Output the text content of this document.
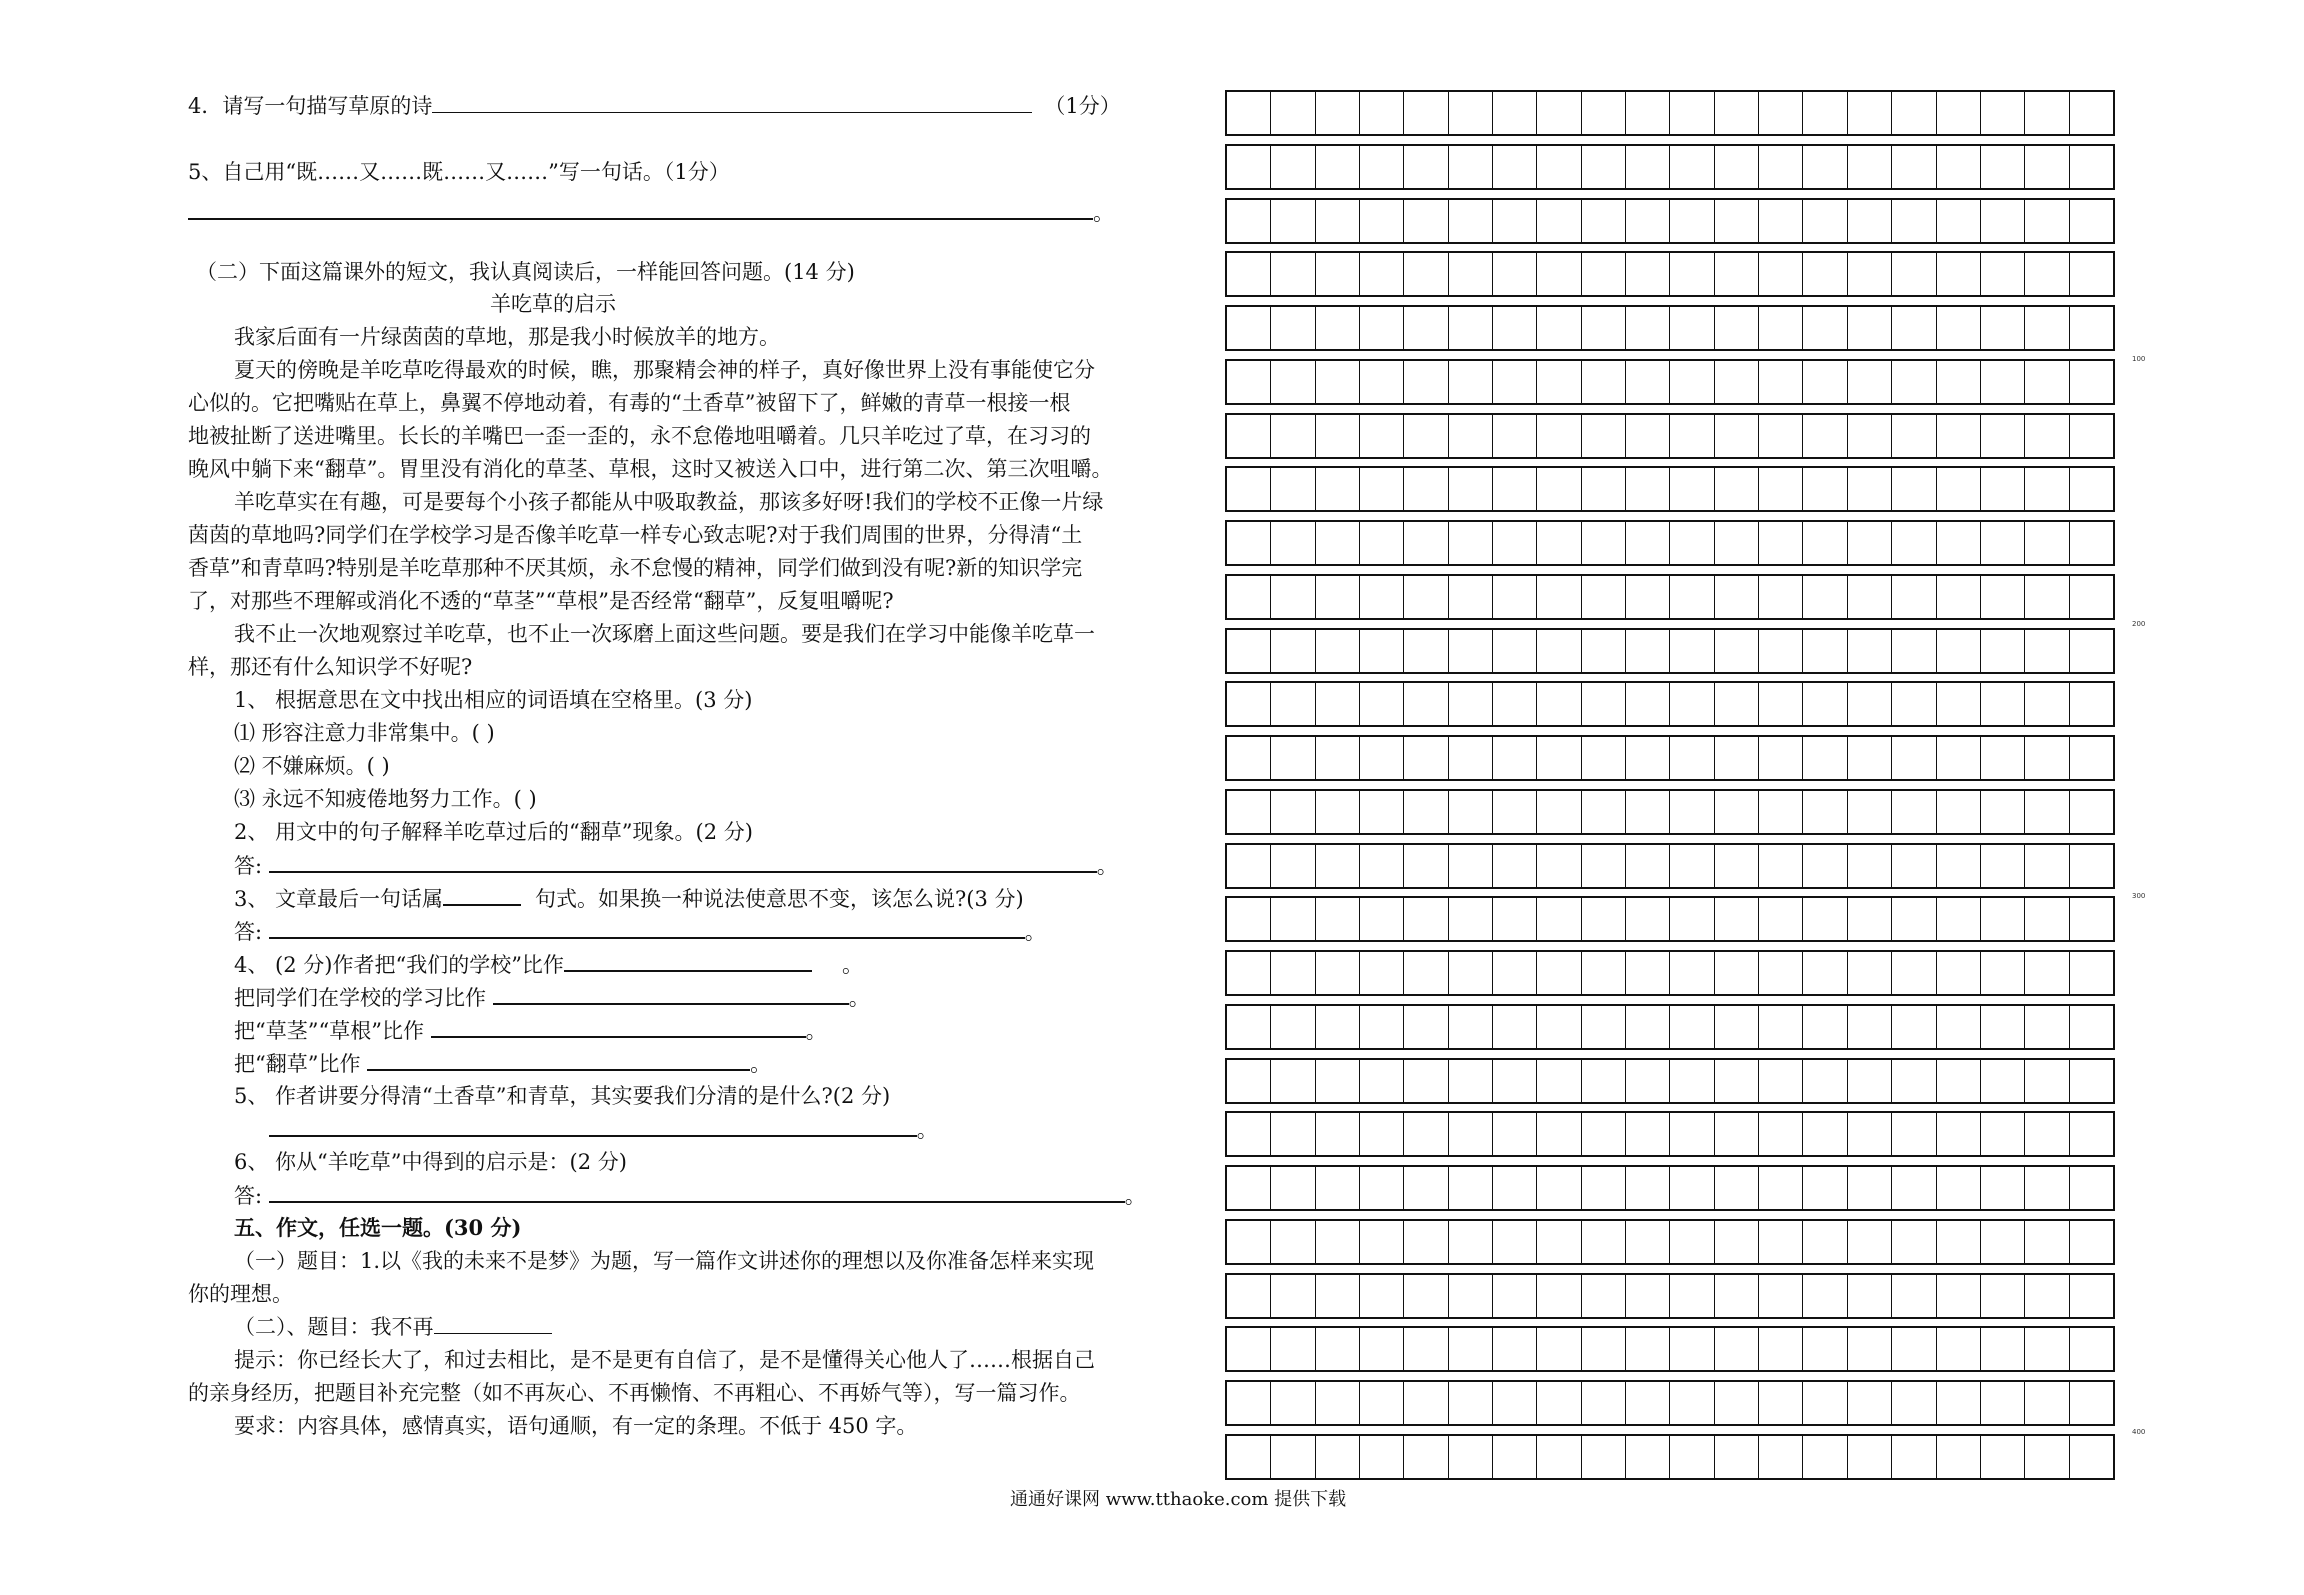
4．请写一句描写草原的诗	（1分）
5、自己用“既……又……既……又……”写一句话。（1分）
。
（二）下面这篇课外的短文，我认真阅读后，一样能回答问题。(14 分)
羊吃草的启示
我家后面有一片绿茵茵的草地，那是我小时候放羊的地方。
夏天的傍晚是羊吃草吃得最欢的时候，瞧，那聚精会神的样子，真好像世界上没有事能使它分
心似的。它把嘴贴在草上，鼻翼不停地动着，有毒的“土香草”被留下了，鲜嫩的青草一根接一根
地被扯断了送进嘴里。长长的羊嘴巴一歪一歪的，永不怠倦地咀嚼着。几只羊吃过了草，在习习的
晚风中躺下来“翻草”。胃里没有消化的草茎、草根，这时又被送入口中，进行第二次、第三次咀嚼。
羊吃草实在有趣，可是要每个小孩子都能从中吸取教益，那该多好呀!我们的学校不正像一片绿
茵茵的草地吗?同学们在学校学习是否像羊吃草一样专心致志呢?对于我们周围的世界，分得清“土
香草”和青草吗?特别是羊吃草那种不厌其烦，永不怠慢的精神，同学们做到没有呢?新的知识学完
了，对那些不理解或消化不透的“草茎”“草根”是否经常“翻草”，反复咀嚼呢?
我不止一次地观察过羊吃草，也不止一次琢磨上面这些问题。要是我们在学习中能像羊吃草一
样，那还有什么知识学不好呢?
1、 根据意思在文中找出相应的词语填在空格里。(3 分)
⑴ 形容注意力非常集中。( )
⑵ 不嫌麻烦。( )
⑶ 永远不知疲倦地努力工作。( )
2、 用文中的句子解释羊吃草过后的“翻草”现象。(2 分)
答:	。
3、 文章最后一句话属	句式。如果换一种说法使意思不变，该怎么说?(3 分)
答:	。
4、 (2 分)作者把“我们的学校”比作	。
把同学们在学校的学习比作	。
把“草茎”“草根”比作	。
把“翻草”比作	。
5、 作者讲要分得清“土香草”和青草，其实要我们分清的是什么?(2 分)
。
6、 你从“羊吃草”中得到的启示是：(2 分)
答:	。
五、作文，任选一题。(30 分)
（一）题目：1.以《我的未来不是梦》为题，写一篇作文讲述你的理想以及你准备怎样来实现
你的理想。
（二）、题目：我不再
提示：你已经长大了，和过去相比，是不是更有自信了，是不是懂得关心他人了……根据自己
的亲身经历，把题目补充完整（如不再灰心、不再懒惰、不再粗心、不再娇气等），写一篇习作。
要求：内容具体，感情真实，语句通顺，有一定的条理。不低于 450 字。
100
200
300
400
通通好课网 www.tthaoke.com 提供下载
